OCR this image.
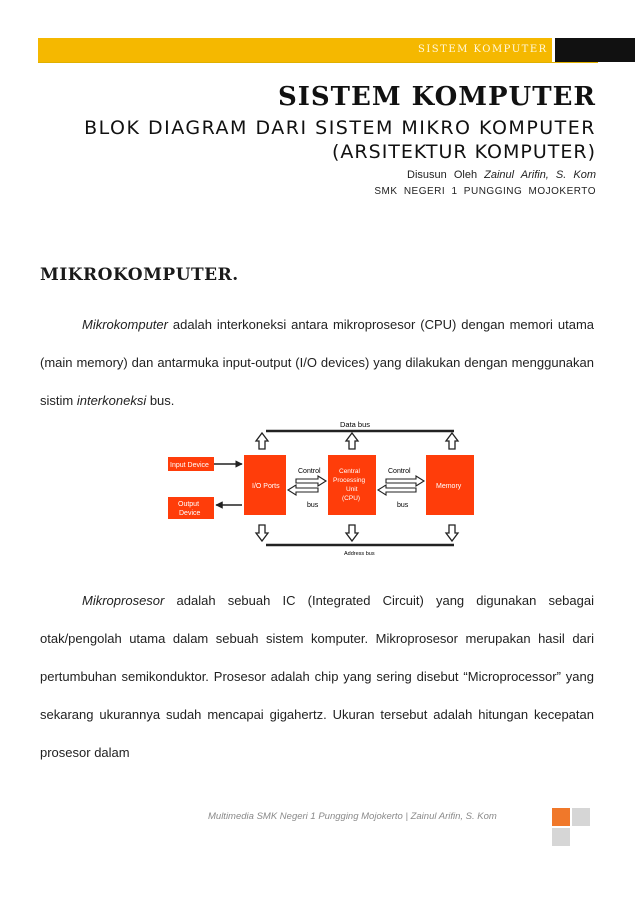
SISTEM KOMPUTER
SISTEM KOMPUTER
BLOK DIAGRAM DARI SISTEM MIKRO KOMPUTER
(ARSITEKTUR KOMPUTER)
Disusun Oleh Zainul Arifin, S. Kom
SMK NEGERI 1 PUNGGING MOJOKERTO
MIKROKOMPUTER.
Mikrokomputer adalah interkoneksi antara mikroprosesor (CPU) dengan memori utama (main memory) dan antarmuka input-output (I/O devices) yang dilakukan dengan menggunakan sistim interkoneksi bus.
Data bus
Address bus
Input Device
Output
Device
I/O Ports
Central
Processing
Unit
(CPU)
Memory
Control
bus
Control
bus
Mikroprosesor adalah sebuah IC (Integrated Circuit) yang digunakan sebagai otak/pengolah utama dalam sebuah sistem komputer. Mikroprosesor merupakan hasil dari pertumbuhan semikonduktor. Prosesor adalah chip yang sering disebut “Microprocessor” yang sekarang ukurannya sudah mencapai gigahertz. Ukuran tersebut adalah hitungan kecepatan prosesor dalam
Multimedia SMK Negeri 1 Pungging Mojokerto | Zainul Arifin, S. Kom
